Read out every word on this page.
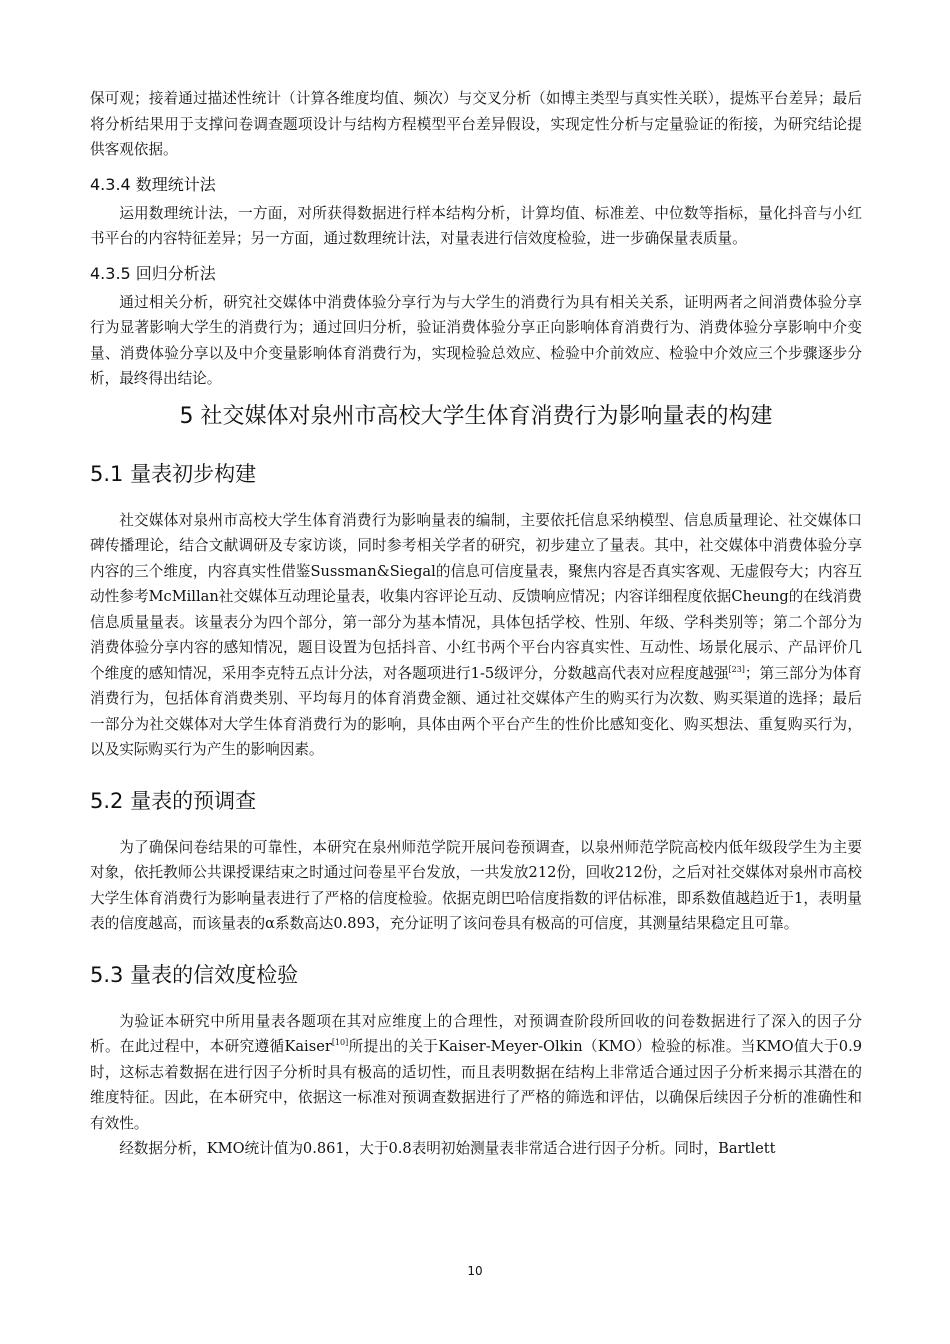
保可观；接着通过描述性统计（计算各维度均值、频次）与交叉分析（如博主类型与真实性关联），提炼平台差异；最后将分析结果用于支撑问卷调查题项设计与结构方程模型平台差异假设，实现定性分析与定量验证的衔接，为研究结论提供客观依据。

4.3.4 数理统计法

运用数理统计法，一方面，对所获得数据进行样本结构分析，计算均值、标准差、中位数等指标，量化抖音与小红书平台的内容特征差异；另一方面，通过数理统计法，对量表进行信效度检验，进一步确保量表质量。

4.3.5 回归分析法

通过相关分析，研究社交媒体中消费体验分享行为与大学生的消费行为具有相关关系，证明两者之间消费体验分享行为显著影响大学生的消费行为；通过回归分析，验证消费体验分享正向影响体育消费行为、消费体验分享影响中介变量、消费体验分享以及中介变量影响体育消费行为，实现检验总效应、检验中介前效应、检验中介效应三个步骤逐步分析，最终得出结论。

5 社交媒体对泉州市高校大学生体育消费行为影响量表的构建
5.1 量表初步构建

社交媒体对泉州市高校大学生体育消费行为影响量表的编制，主要依托信息采纳模型、信息质量理论、社交媒体口碑传播理论，结合文献调研及专家访谈，同时参考相关学者的研究，初步建立了量表。其中，社交媒体中消费体验分享内容的三个维度，内容真实性借鉴Sussman&Siegal的信息可信度量表，聚焦内容是否真实客观、无虚假夸大；内容互动性参考McMillan社交媒体互动理论量表，收集内容评论互动、反馈响应情况；内容详细程度依据Cheung的在线消费信息质量量表。该量表分为四个部分，第一部分为基本情况，具体包括学校、性别、年级、学科类别等；第二个部分为消费体验分享内容的感知情况，题目设置为包括抖音、小红书两个平台内容真实性、互动性、场景化展示、产品评价几个维度的感知情况，采用李克特五点计分法，对各题项进行1-5级评分，分数越高代表对应程度越强[23]；第三部分为体育消费行为，包括体育消费类别、平均每月的体育消费金额、通过社交媒体产生的购买行为次数、购买渠道的选择；最后一部分为社交媒体对大学生体育消费行为的影响，具体由两个平台产生的性价比感知变化、购买想法、重复购买行为，以及实际购买行为产生的影响因素。

5.2 量表的预调查

为了确保问卷结果的可靠性，本研究在泉州师范学院开展问卷预调查，以泉州师范学院高校内低年级段学生为主要对象，依托教师公共课授课结束之时通过问卷星平台发放，一共发放212份，回收212份，之后对社交媒体对泉州市高校大学生体育消费行为影响量表进行了严格的信度检验。依据克朗巴哈信度指数的评估标准，即系数值越趋近于1，表明量表的信度越高，而该量表的α系数高达0.893，充分证明了该问卷具有极高的可信度，其测量结果稳定且可靠。

5.3 量表的信效度检验

为验证本研究中所用量表各题项在其对应维度上的合理性，对预调查阶段所回收的问卷数据进行了深入的因子分析。在此过程中，本研究遵循Kaiser[10]所提出的关于Kaiser-Meyer-Olkin（KMO）检验的标准。当KMO值大于0.9时，这标志着数据在进行因子分析时具有极高的适切性，而且表明数据在结构上非常适合通过因子分析来揭示其潜在的维度特征。因此，在本研究中，依据这一标准对预调查数据进行了严格的筛选和评估，以确保后续因子分析的准确性和有效性。

经数据分析，KMO统计值为0.861，大于0.8表明初始测量表非常适合进行因子分析。同时，Bartlett

10
